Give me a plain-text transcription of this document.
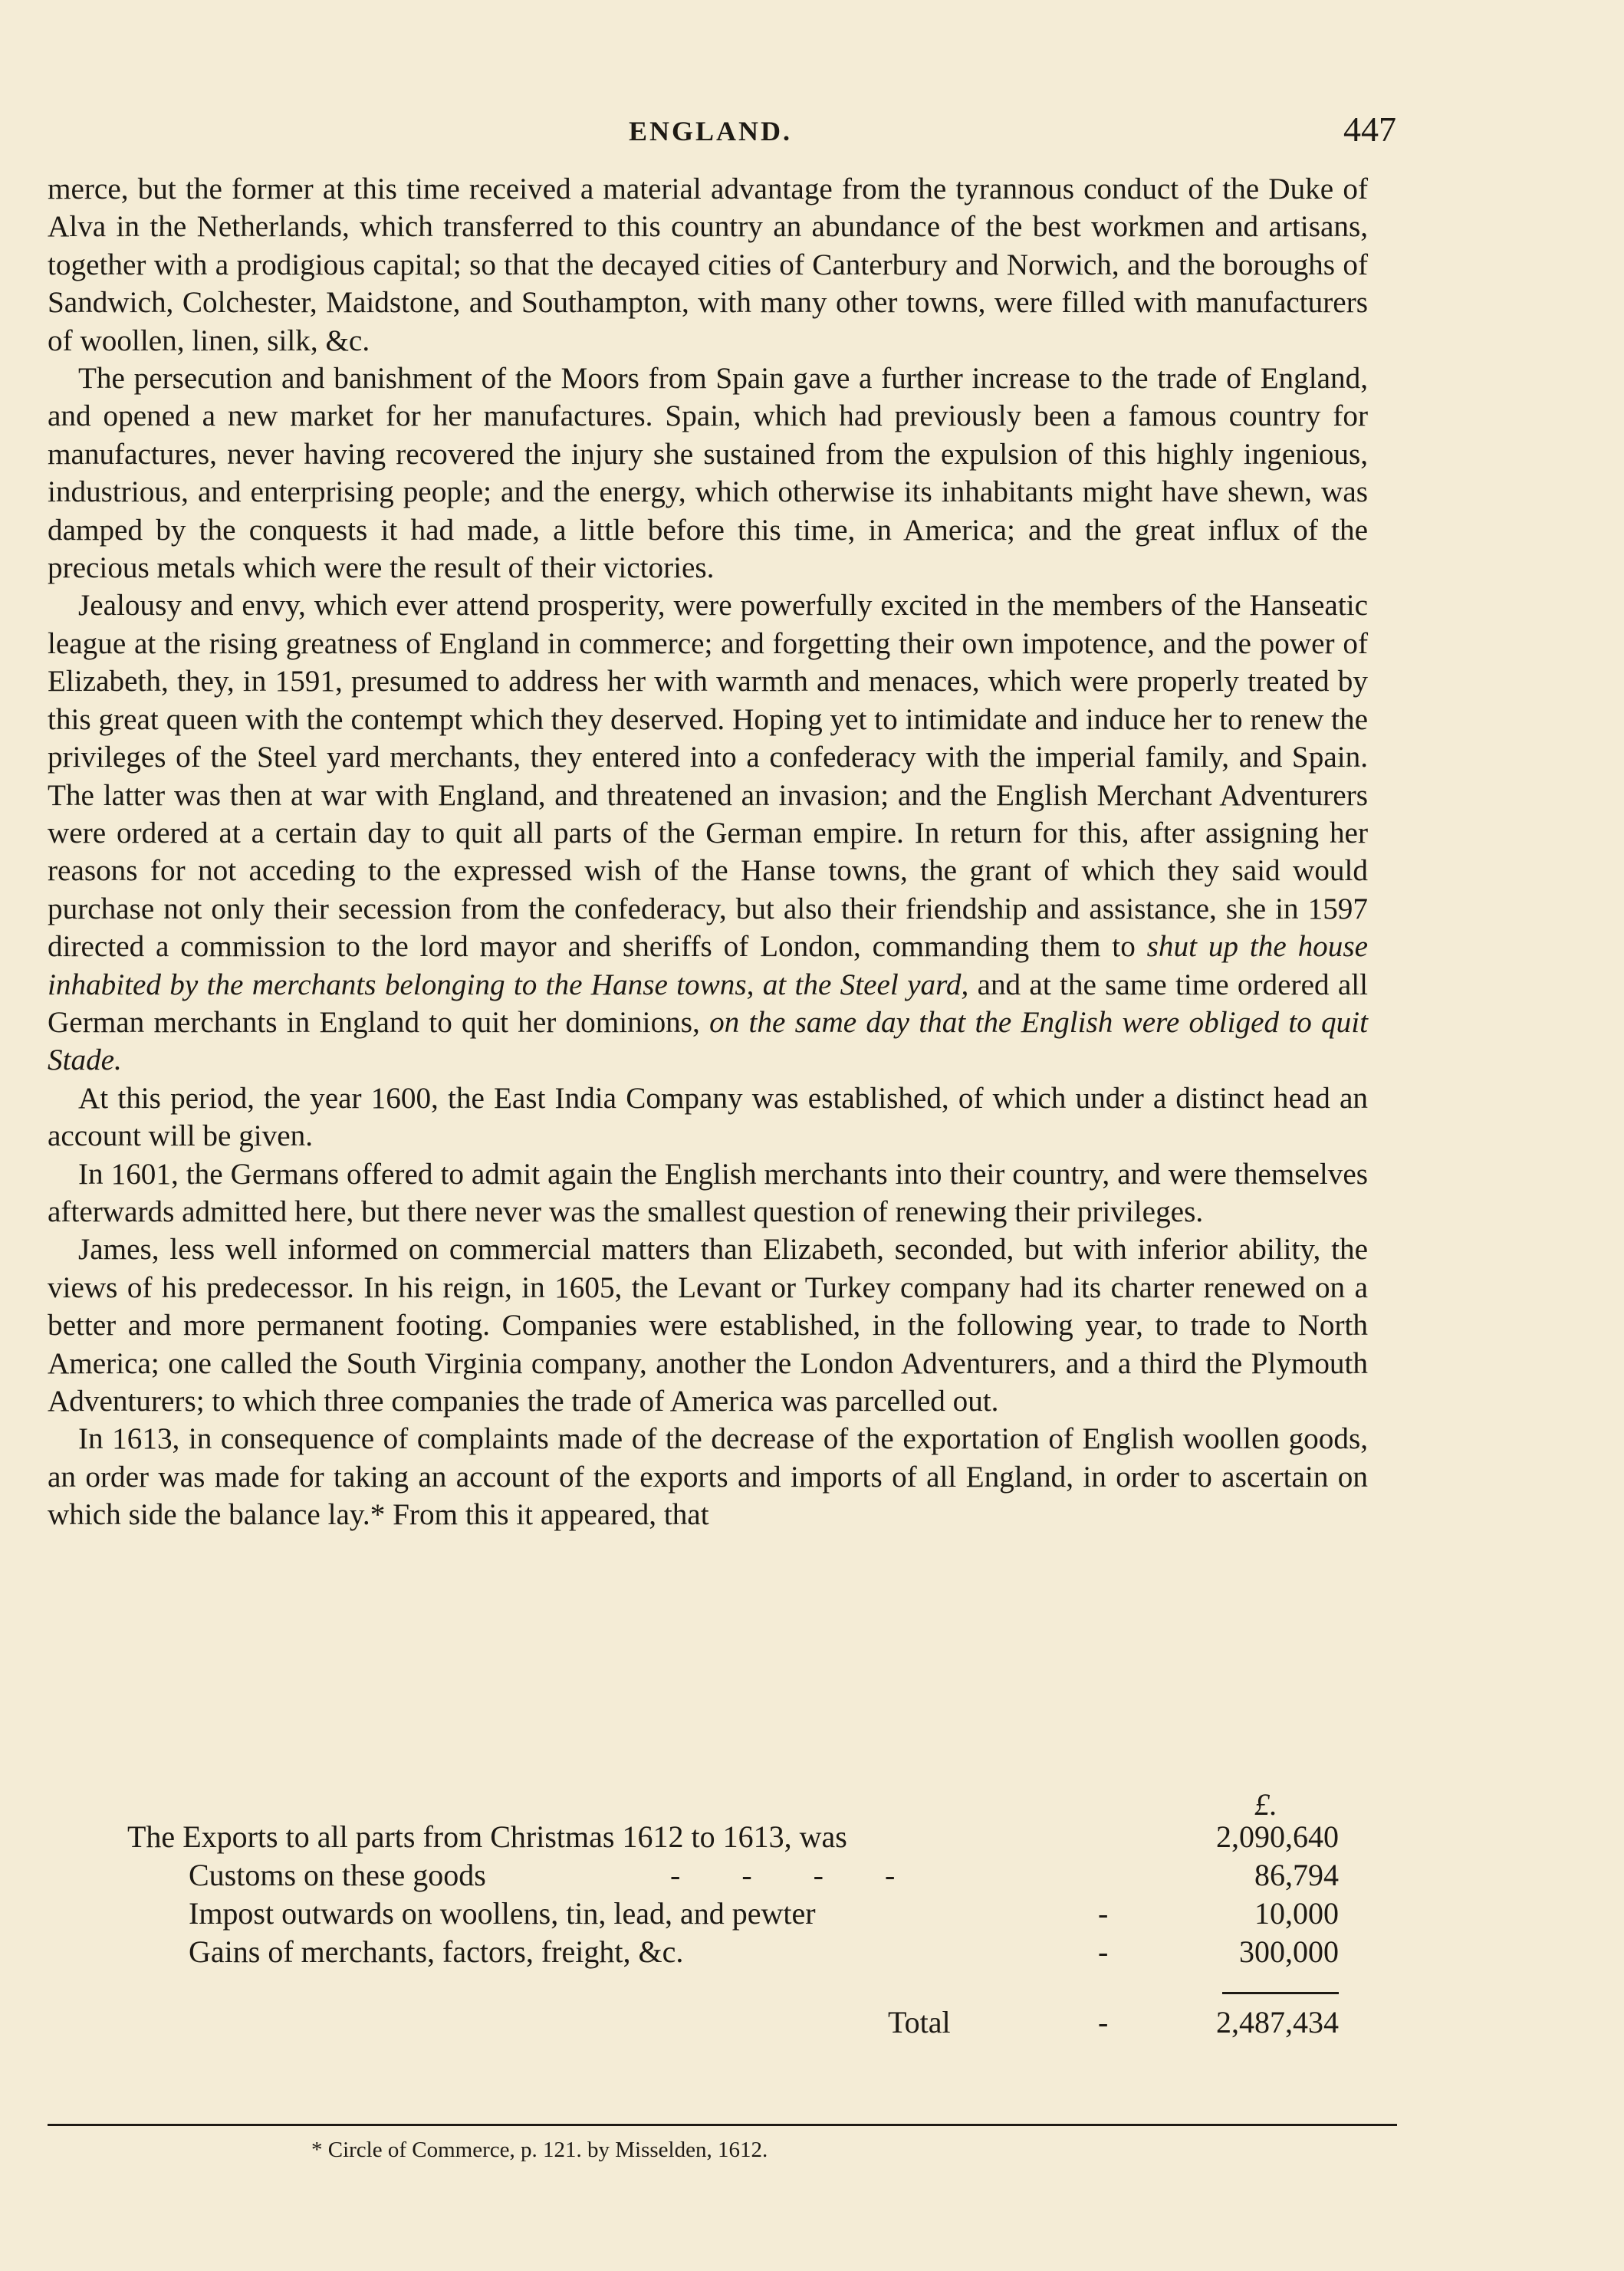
ENGLAND.	447

merce, but the former at this time received a material advantage from the tyrannous conduct of the Duke of Alva in the Netherlands, which transferred to this country an abundance of the best workmen and artisans, together with a prodigious capital; so that the decayed cities of Canterbury and Norwich, and the boroughs of Sandwich, Colchester, Maidstone, and Southampton, with many other towns, were filled with manufacturers of woollen, linen, silk, &c.

The persecution and banishment of the Moors from Spain gave a further increase to the trade of England, and opened a new market for her manufactures. Spain, which had previously been a famous country for manufactures, never having recovered the injury she sustained from the expulsion of this highly ingenious, industrious, and enterprising people; and the energy, which otherwise its inhabitants might have shewn, was damped by the conquests it had made, a little before this time, in America; and the great influx of the precious metals which were the result of their victories.

Jealousy and envy, which ever attend prosperity, were powerfully excited in the members of the Hanseatic league at the rising greatness of England in commerce; and forgetting their own impotence, and the power of Elizabeth, they, in 1591, presumed to address her with warmth and menaces, which were properly treated by this great queen with the contempt which they deserved. Hoping yet to intimidate and induce her to renew the privileges of the Steel yard merchants, they entered into a confederacy with the imperial family, and Spain. The latter was then at war with England, and threatened an invasion; and the English Merchant Adventurers were ordered at a certain day to quit all parts of the German empire. In return for this, after assigning her reasons for not acceding to the expressed wish of the Hanse towns, the grant of which they said would purchase not only their secession from the confederacy, but also their friendship and assistance, she in 1597 directed a commission to the lord mayor and sheriffs of London, commanding them to shut up the house inhabited by the merchants belonging to the Hanse towns, at the Steel yard, and at the same time ordered all German merchants in England to quit her dominions, on the same day that the English were obliged to quit Stade.

At this period, the year 1600, the East India Company was established, of which under a distinct head an account will be given.

In 1601, the Germans offered to admit again the English merchants into their country, and were themselves afterwards admitted here, but there never was the smallest question of renewing their privileges.

James, less well informed on commercial matters than Elizabeth, seconded, but with inferior ability, the views of his predecessor. In his reign, in 1605, the Levant or Turkey company had its charter renewed on a better and more permanent footing. Companies were established, in the following year, to trade to North America; one called the South Virginia company, another the London Adventurers, and a third the Plymouth Adventurers; to which three companies the trade of America was parcelled out.

In 1613, in consequence of complaints made of the decrease of the exportation of English woollen goods, an order was made for taking an account of the exports and imports of all England, in order to ascertain on which side the balance lay.* From this it appeared, that

£.
The Exports to all parts from Christmas 1612 to 1613, was	2,090,640
Customs on these goods	-        -        -        -	86,794
Impost outwards on woollens, tin, lead, and pewter	-	10,000
Gains of merchants, factors, freight, &c.	-	300,000
Total	-	2,487,434
* Circle of Commerce, p. 121. by Misselden, 1612.
